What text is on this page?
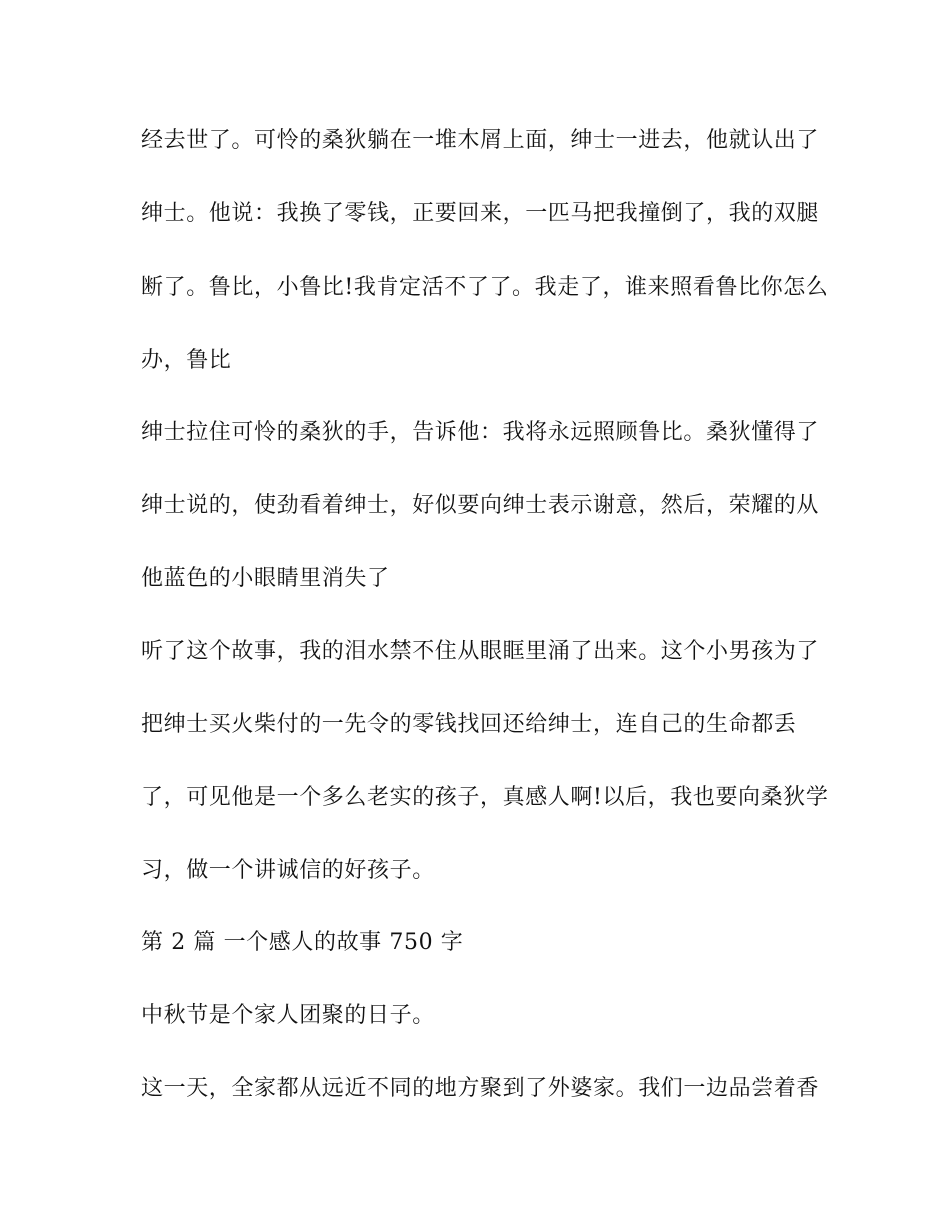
经去世了。可怜的桑狄躺在一堆木屑上面，绅士一进去，他就认出了
绅士。他说：我换了零钱，正要回来，一匹马把我撞倒了，我的双腿
断了。鲁比，小鲁比!我肯定活不了了。我走了，谁来照看鲁比你怎么
办，鲁比
绅士拉住可怜的桑狄的手，告诉他：我将永远照顾鲁比。桑狄懂得了
绅士说的，使劲看着绅士，好似要向绅士表示谢意，然后，荣耀的从
他蓝色的小眼睛里消失了
听了这个故事，我的泪水禁不住从眼眶里涌了出来。这个小男孩为了
把绅士买火柴付的一先令的零钱找回还给绅士，连自己的生命都丢
了，可见他是一个多么老实的孩子，真感人啊!以后，我也要向桑狄学
习，做一个讲诚信的好孩子。
第 2 篇 一个感人的故事 750 字
中秋节是个家人团聚的日子。
这一天，全家都从远近不同的地方聚到了外婆家。我们一边品尝着香
